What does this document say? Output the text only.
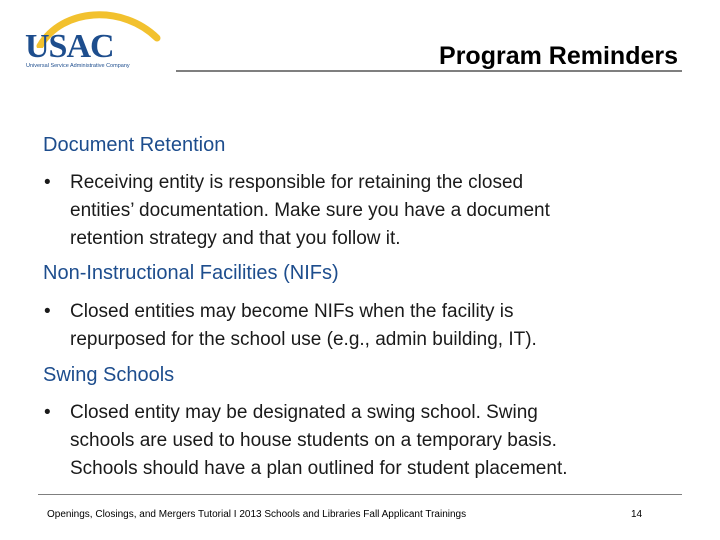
USAC
Universal Service Administrative Company	Program Reminders
Document Retention
• Receiving entity is responsible for retaining the closed
entities’ documentation. Make sure you have a document
retention strategy and that you follow it.
Non-Instructional Facilities (NIFs)
• Closed entities may become NIFs when the facility is
repurposed for the school use (e.g., admin building, IT).
Swing Schools
• Closed entity may be designated a swing school. Swing
schools are used to house students on a temporary basis.
Schools should have a plan outlined for student placement.
Openings, Closings, and Mergers Tutorial I 2013 Schools and Libraries Fall Applicant Trainings	14
